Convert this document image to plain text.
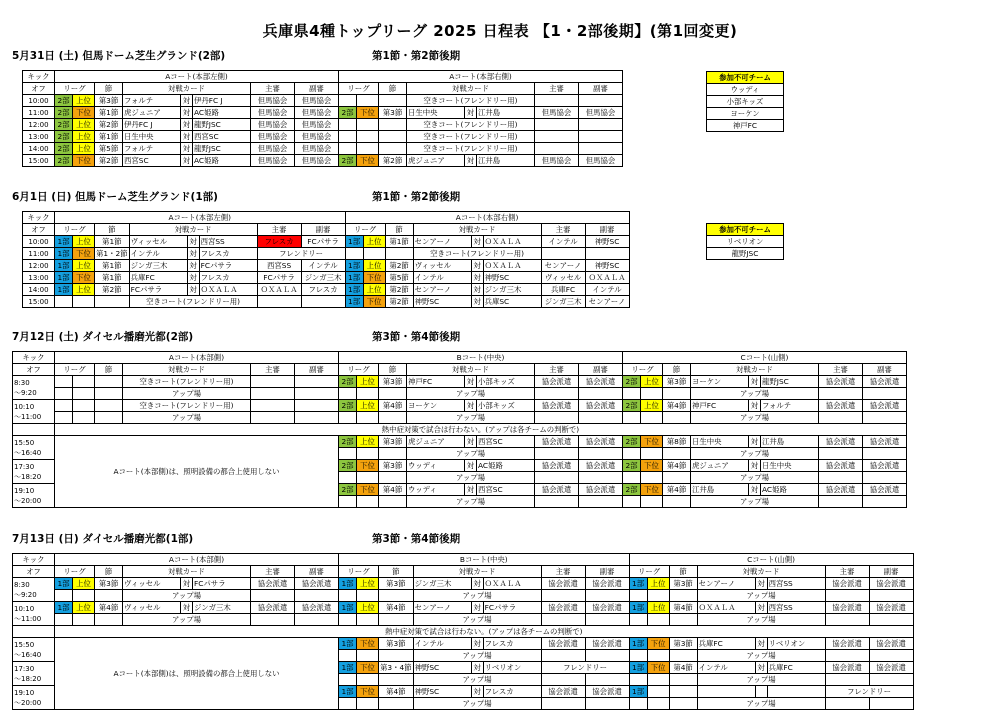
兵庫県4種トップリーグ 2025 日程表 【1・2部後期】(第1回変更)
5月31日 (土) 但馬ドーム芝生グランド(2部)	第1節・第2節後期
キック	Aコート(本部左側)								Aコート(本部右側)							
オフ	リーグ		節	対戦カード			主審	副審	リーグ		節	対戦カード			主審	副審
10:00	2部	上位	第3節	フォルテ	対	伊丹FC J	但馬協会	但馬協会				空きコート(フレンドリー用)				
11:00	2部	下位	第1節	虎ジュニア	対	AC姫路	但馬協会	但馬協会	2部	下位	第3節	日生中央	対	江井島	但馬協会	但馬協会
12:00	2部	上位	第2節	伊丹FC J	対	龍野JSC	但馬協会	但馬協会				空きコート(フレンドリー用)				
13:00	2部	上位	第1節	日生中央	対	西宮SC	但馬協会	但馬協会				空きコート(フレンドリー用)				
14:00	2部	上位	第5節	フォルテ	対	龍野JSC	但馬協会	但馬協会				空きコート(フレンドリー用)				
15:00	2部	下位	第2節	西宮SC	対	AC姫路	但馬協会	但馬協会	2部	下位	第2節	虎ジュニア	対	江井島	但馬協会	但馬協会
参加不可チーム
ウッディ
小部キッズ
ヨーケン
神戸FC
6月1日 (日) 但馬ドーム芝生グランド(1部)	第1節・第2節後期
キック	Aコート(本部左側)								Aコート(本部右側)							
オフ	リーグ		節	対戦カード			主審	副審	リーグ		節	対戦カード			主審	副審
10:00	1部	上位	第1節	ヴィッセル	対	西宮SS	フレスカ	FCパサラ	1部	上位	第1節	センアーノ	対	ＯＸＡＬＡ	インテル	神野SC
11:00	1部	下位	第1・2節	インテル	対	フレスカ	フレンドリー					空きコート(フレンドリー用)				
12:00	1部	上位	第1節	ジンガ三木	対	FCパサラ	西宮SS	インテル	1部	上位	第2節	ヴィッセル	対	ＯＸＡＬＡ	センアーノ	神野SC
13:00	1部	下位	第1節	兵庫FC	対	フレスカ	FCパサラ	ジンガ三木	1部	下位	第5節	インテル	対	神野SC	ヴィッセル	ＯＸＡＬＡ
14:00	1部	上位	第2節	FCパサラ	対	ＯＸＡＬＡ	ＯＸＡＬＡ	フレスカ	1部	上位	第2節	センアーノ	対	ジンガ三木	兵庫FC	インテル
15:00				空きコート(フレンドリー用)					1部	下位	第2節	神野SC	対	兵庫SC	ジンガ三木	センアーノ
参加不可チーム
リベリオン
龍野JSC
7月12日 (土) ダイセル播磨光都(2部)	第3節・第4節後期
キック	Aコート(本部側)						Bコート(中央)								Cコート(山側)							
オフ	リーグ		節	対戦カード	主審	副審	リーグ		節	対戦カード			主審	副審	リーグ		節	対戦カード			主審	副審

8:30
～9:20				空きコート(フレンドリー用)			2部	上位	第3節	神戸FC	対	小部キッズ	協会派遣	協会派遣	2部	上位	第3節	ヨーケン	対	龍野JSC	協会派遣	協会派遣
				アップ場						アップ場								アップ場				

10:10
～11:00				空きコート(フレンドリー用)			2部	上位	第4節	ヨーケン	対	小部キッズ	協会派遣	協会派遣	2部	上位	第4節	神戸FC	対	フォルテ	協会派遣	協会派遣
				アップ場						アップ場								アップ場				
	熱中症対策で試合は行わない。(アップは各チームの判断で)																					

15:50
～16:40	Aコート(本部側)は、照明設備の都合上使用しない						2部	上位	第3節	虎ジュニア	対	西宮SC	協会派遣	協会派遣	2部	下位	第8節	日生中央	対	江井島	協会派遣	協会派遣
										アップ場								アップ場				

17:30
～18:20							2部	下位	第3節	ウッディ	対	AC姫路	協会派遣	協会派遣	2部	下位	第4節	虎ジュニア	対	日生中央	協会派遣	協会派遣
										アップ場								アップ場				

19:10
～20:00							2部	下位	第4節	ウッディ	対	西宮SC	協会派遣	協会派遣	2部	下位	第4節	江井島	対	AC姫路	協会派遣	協会派遣
										アップ場								アップ場				
7月13日 (日) ダイセル播磨光都(1部)	第3節・第4節後期
キック	Aコート(本部側)								Bコート(中央)								Cコート(山側)							
オフ	リーグ		節	対戦カード			主審	副審	リーグ		節	対戦カード			主審	副審	リーグ		節	対戦カード			主審	副審

8:30
～9:20	1部	上位	第3節	ヴィッセル	対	FCパサラ	協会派遣	協会派遣	1部	上位	第3節	ジンガ三木	対	ＯＸＡＬＡ	協会派遣	協会派遣	1部	上位	第3節	センアーノ	対	西宮SS	協会派遣	協会派遣
				アップ場								アップ場								アップ場				

10:10
～11:00	1部	上位	第4節	ヴィッセル	対	ジンガ三木	協会派遣	協会派遣	1部	上位	第4節	センアーノ	対	FCパサラ	協会派遣	協会派遣	1部	上位	第4節	ＯＸＡＬＡ	対	西宮SS	協会派遣	協会派遣
				アップ場								アップ場								アップ場				
	熱中症対策で試合は行わない。(アップは各チームの判断で)																							

15:50
～16:40	Aコート(本部側)は、照明設備の都合上使用しない								1部	下位	第3節	インテル	対	フレスカ	協会派遣	協会派遣	1部	下位	第3節	兵庫FC	対	リベリオン	協会派遣	協会派遣
												アップ場								アップ場				

17:30
～18:20									1部	下位	第3・4節	神野SC	対	リベリオン	フレンドリー		1部	下位	第4節	インテル	対	兵庫FC	協会派遣	協会派遣
												アップ場								アップ場				

19:10
～20:00									1部	下位	第4節	神野SC	対	フレスカ	協会派遣	協会派遣	1部						フレンドリー	
												アップ場								アップ場				
